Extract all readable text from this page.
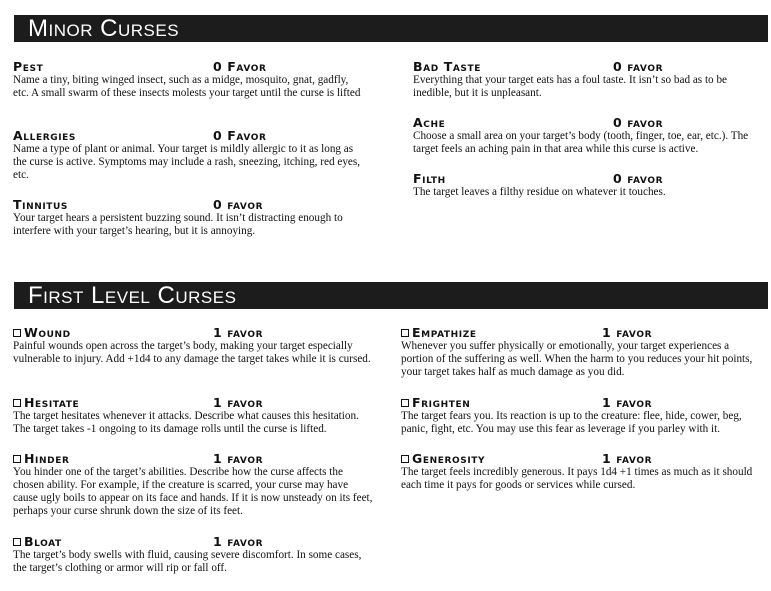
Minor Curses
Pest	0 Favor

Name a tiny, biting winged insect, such as a midge, mosquito, gnat, gadfly, etc. A small swarm of these insects molests your target until the curse is lifted

Allergies	0 Favor

Name a type of plant or animal. Your target is mildly allergic to it as long as the curse is active. Symptoms may include a rash, sneezing, itching, red eyes, etc.

Tinnitus	0 favor

Your target hears a persistent buzzing sound. It isn’t distracting enough to interfere with your target’s hearing, but it is annoying.

Bad Taste	0 favor

Everything that your target eats has a foul taste. It isn’t so bad as to be inedible, but it is unpleasant.

Ache	0 favor

Choose a small area on your target’s body (tooth, finger, toe, ear, etc.). The target feels an aching pain in that area while this curse is active.

Filth	0 favor

The target leaves a filthy residue on whatever it touches.

First Level Curses
Wound	1 favor

Painful wounds open across the target’s body, making your target especially vulnerable to injury. Add +1d4 to any damage the target takes while it is cursed.

Hesitate	1 favor

The target hesitates whenever it attacks. Describe what causes this hesitation. The target takes -1 ongoing to its damage rolls until the curse is lifted.

Hinder	1 favor

You hinder one of the target’s abilities. Describe how the curse affects the chosen ability. For example, if the creature is scarred, your curse may have cause ugly boils to appear on its face and hands. If it is now unsteady on its feet, perhaps your curse shrunk down the size of its feet.

Bloat	1 favor

The target’s body swells with fluid, causing severe discomfort. In some cases, the target’s clothing or armor will rip or fall off.

Empathize	1 favor

Whenever you suffer physically or emotionally, your target experiences a portion of the suffering as well. When the harm to you reduces your hit points, your target takes half as much damage as you did.

Frighten	1 favor

The target fears you. Its reaction is up to the creature: flee, hide, cower, beg, panic, fight, etc. You may use this fear as leverage if you parley with it.

Generosity	1 favor

The target feels incredibly generous. It pays 1d4 +1 times as much as it should each time it pays for goods or services while cursed.
